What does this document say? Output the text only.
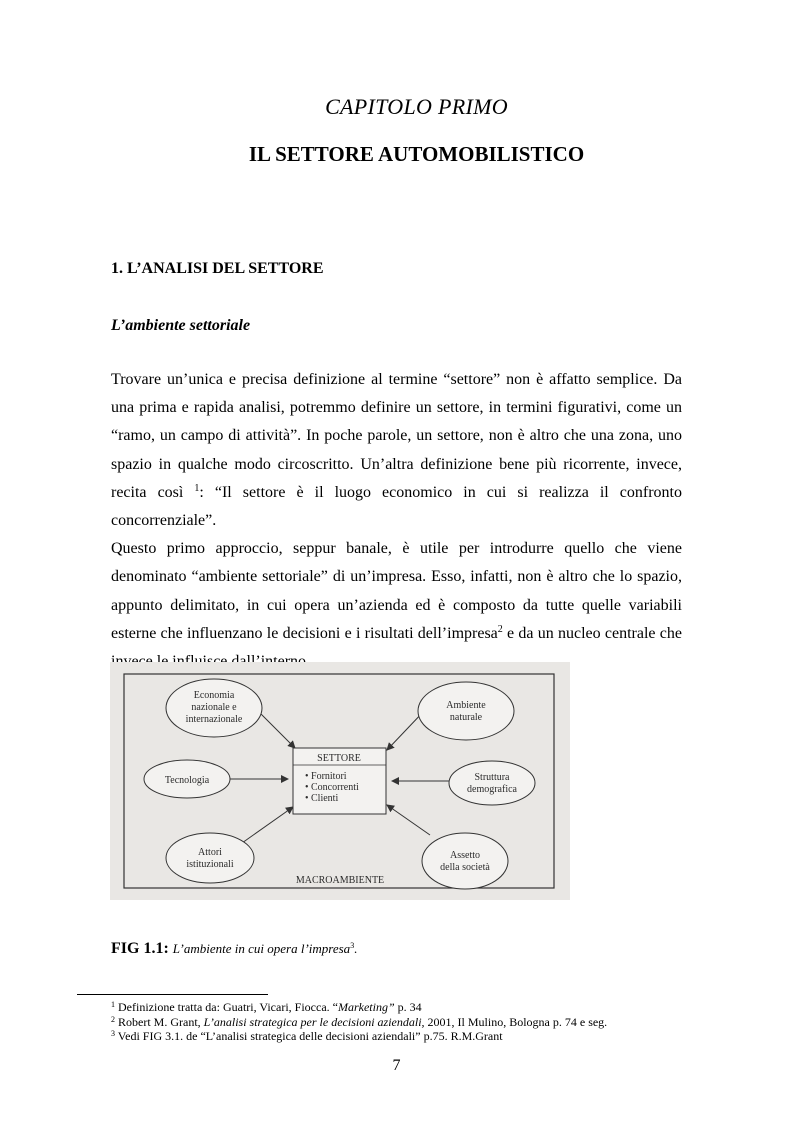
CAPITOLO PRIMO
IL SETTORE AUTOMOBILISTICO
1. L’ANALISI DEL SETTORE
L’ambiente settoriale

Trovare un’unica e precisa definizione al termine “settore” non è affatto semplice. Da una prima e rapida analisi, potremmo definire un settore, in termini figurativi, come un “ramo, un campo di attività”. In poche parole, un settore, non è altro che una zona, uno spazio in qualche modo circoscritto. Un’altra definizione bene più ricorrente, invece, recita così $^1$: “Il settore è il luogo economico in cui si realizza il confronto concorrenziale”.

Questo primo approccio, seppur banale, è utile per introdurre quello che viene denominato “ambiente settoriale” di un’impresa. Esso, infatti, non è altro che lo spazio, appunto delimitato, in cui opera un’azienda ed è composto da tutte quelle variabili esterne che influenzano le decisioni e i risultati dell’impresa$^2$ e da un nucleo centrale che

SETTORE
• Fornitori
• Concorrenti
• Clienti
Economia
nazionale e
internazionale
Ambiente
naturale
Tecnologia	Struttura
demografica
Attori
istituzionali
Assetto
della società
MACROAMBIENTE
FIG 1.1: L’ambiente in cui opera l’impresa$^3$.
$^1$ Definizione tratta da: Guatri, Vicari, Fiocca. “Marketing” p. 34
$^2$ Robert M. Grant, L’analisi strategica per le decisioni aziendali, 2001, Il Mulino, Bologna p. 74 e seg.
$^3$ Vedi FIG 3.1. de “L’analisi strategica delle decisioni aziendali” p.75. R.M.Grant
7
